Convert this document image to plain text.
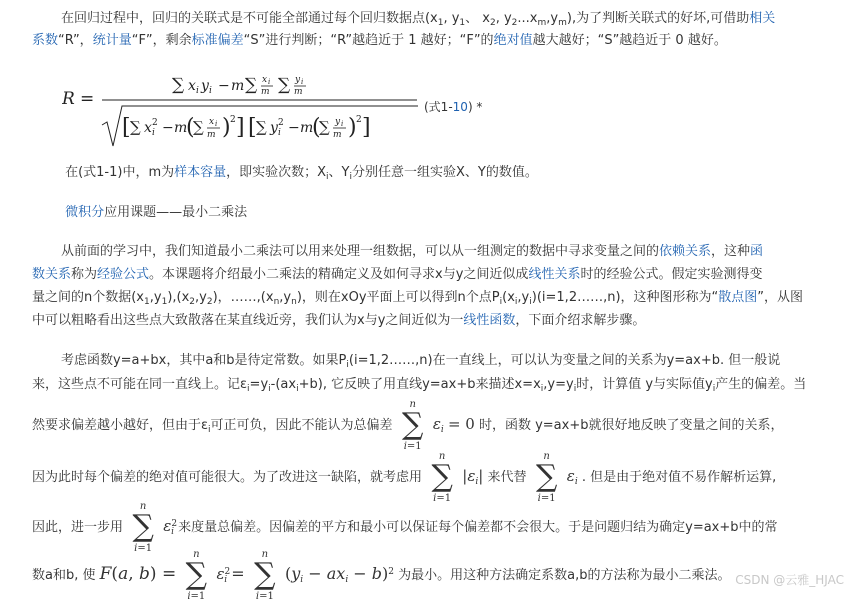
在回归过程中，回归的关联式是不可能全部通过每个回归数据点($x_1$, $y_1$、 $x_2$, $y_2...x_m,y_m$),为了判断关联式的好坏,可借助相关
系数“R”，统计量“F”，剩余标准偏差“S”进行判断；“R”越趋近于 1 越好；“F”的绝对值越大越好；“S”越趋近于 0 越好。
R =
∑ x i y i − m ∑ x i
m ∑ y i
m
[ ∑ x i
2 − m
(
∑ x i
m ) 2 ] [ ∑ y i
2 − m
(
∑ y i
m ) 2 ]
(式1-10) *
在(式1-1)中，m为样本容量，即实验次数；$X_i$、$Y_i$分别任意一组实验X、Y的数值。
微积分应用课题——最小二乘法
从前面的学习中，我们知道最小二乘法可以用来处理一组数据，可以从一组测定的数据中寻求变量之间的依赖关系，这种函
数关系称为经验公式。本课题将介绍最小二乘法的精确定义及如何寻求x与y之间近似成线性关系时的经验公式。假定实验测得变
量之间的n个数据$(x_1,y_1),(x_2,y_2)$，$\dots\dots,(x_n,y_n)$，则在xOy平面上可以得到n个点$P_i(x_i,y_i)(i=1,2\dots\dots,n)$，这种图形称为“散点图”，从图
中可以粗略看出这些点大致散落在某直线近旁，我们认为x与y之间近似为一线性函数，下面介绍求解步骤。
考虑函数y=a+bx，其中a和b是待定常数。如果$P_i(i=1,2\dots\dots,n)$在一直线上，可以认为变量之间的关系为y=ax+b. 但一般说
来，这些点不可能在同一直线上。记$\varepsilon_i=y_i-(ax_i+b)$, 它反映了用直线y=ax+b来描述$x=x_i,y=y_i$时，计算值 y与实际值$y_i$产生的偏差。当
然要求偏差越小越好，但由于$\varepsilon_i$可正可负，因此不能认为总偏差
n
∑
i=1
$\varepsilon_i = 0$ 时，函数 y=ax+b就很好地反映了变量之间的关系，
因为此时每个偏差的绝对值可能很大。为了改进这一缺陷，就考虑用
n
∑
i=1
$|\varepsilon_i|$ 来代替
n
∑
i=1
$\varepsilon_i$ . 但是由于绝对值不易作解析运算,
因此，进一步用
n
∑
i=1
$\varepsilon^2_i$ 来度量总偏差。因偏差的平方和最小可以保证每个偏差都不会很大。于是问题归结为确定y=ax+b中的常
数a和b, 使 F(a, b) =
n
∑
i=1
$\varepsilon^2_i$ =
n
∑
i=1
$(y_i - ax_i - b)^2$ 为最小。用这种方法确定系数a,b的方法称为最小二乘法。 CSDN @云雅_HJAC
